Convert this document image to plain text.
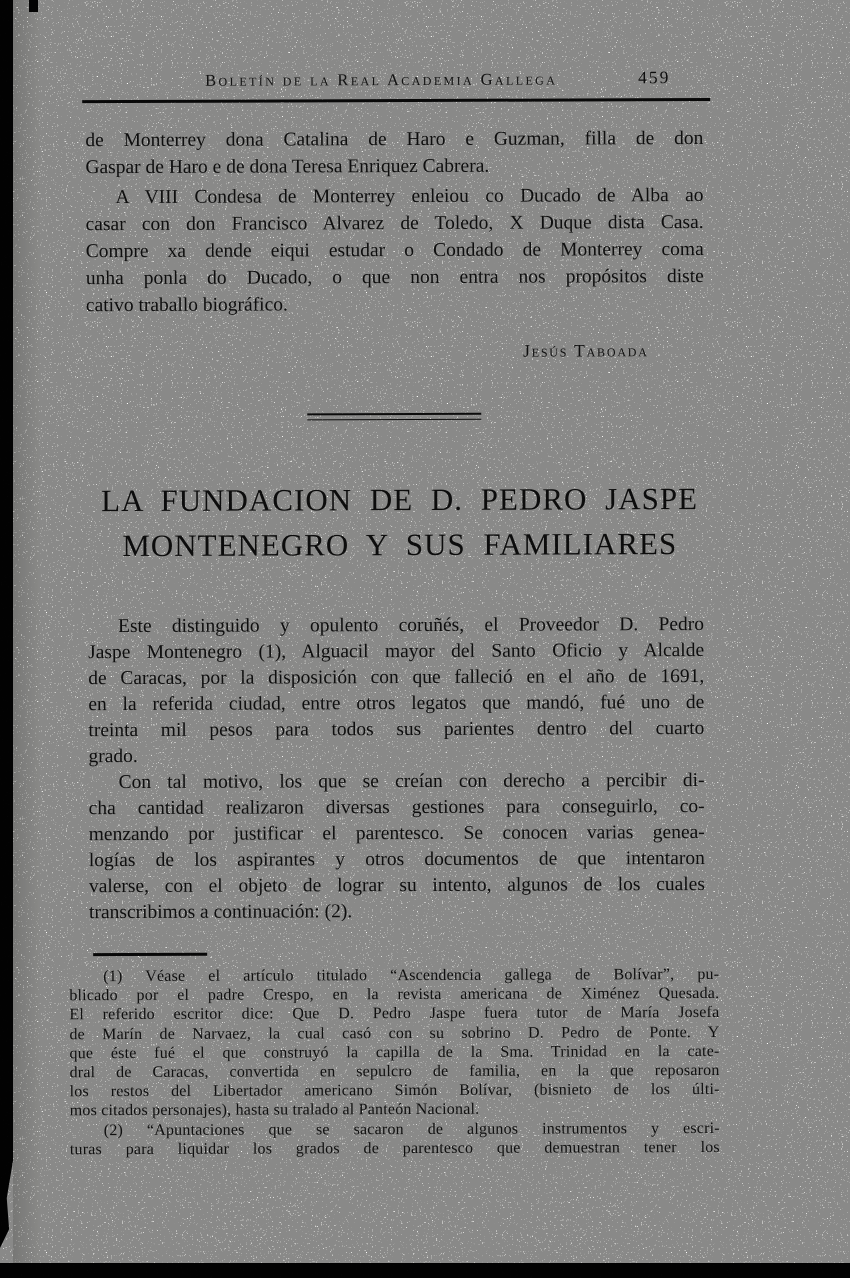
Boletín de la Real Academia Gallega	459
de Monterrey dona Catalina de Haro e Guzman, filla de don
Gaspar de Haro e de dona Teresa Enriquez Cabrera.
A VIII Condesa de Monterrey enleiou co Ducado de Alba ao
casar con don Francisco Alvarez de Toledo, X Duque dista Casa.
Compre xa dende eiqui estudar o Condado de Monterrey coma
unha ponla do Ducado, o que non entra nos propósitos diste
cativo traballo biográfico.
Jesús Taboada
LA FUNDACION DE D. PEDRO JASPE
MONTENEGRO Y SUS FAMILIARES
Este distinguido y opulento coruñés, el Proveedor D. Pedro
Jaspe Montenegro (1), Alguacil mayor del Santo Oficio y Alcalde
de Caracas, por la disposición con que falleció en el año de 1691,
en la referida ciudad, entre otros legatos que mandó, fué uno de
treinta mil pesos para todos sus parientes dentro del cuarto
grado.
Con tal motivo, los que se creían con derecho a percibir di-
cha cantidad realizaron diversas gestiones para conseguirlo, co-
menzando por justificar el parentesco. Se conocen varias genea-
logías de los aspirantes y otros documentos de que intentaron
valerse, con el objeto de lograr su intento, algunos de los cuales
transcribimos a continuación: (2).
(1) Véase el artículo titulado “Ascendencia gallega de Bolívar”, pu-
blicado por el padre Crespo, en la revista americana de Ximénez Quesada.
El referido escritor dice: Que D. Pedro Jaspe fuera tutor de María Josefa
de Marín de Narvaez, la cual casó con su sobrino D. Pedro de Ponte. Y
que éste fué el que construyó la capilla de la Sma. Trinidad en la cate-
dral de Caracas, convertida en sepulcro de familia, en la que reposaron
los restos del Libertador americano Simón Bolívar, (bisnieto de los últi-
mos citados personajes), hasta su tralado al Panteón Nacional.
(2) “Apuntaciones que se sacaron de algunos instrumentos y escri-
turas para liquidar los grados de parentesco que demuestran tener los
